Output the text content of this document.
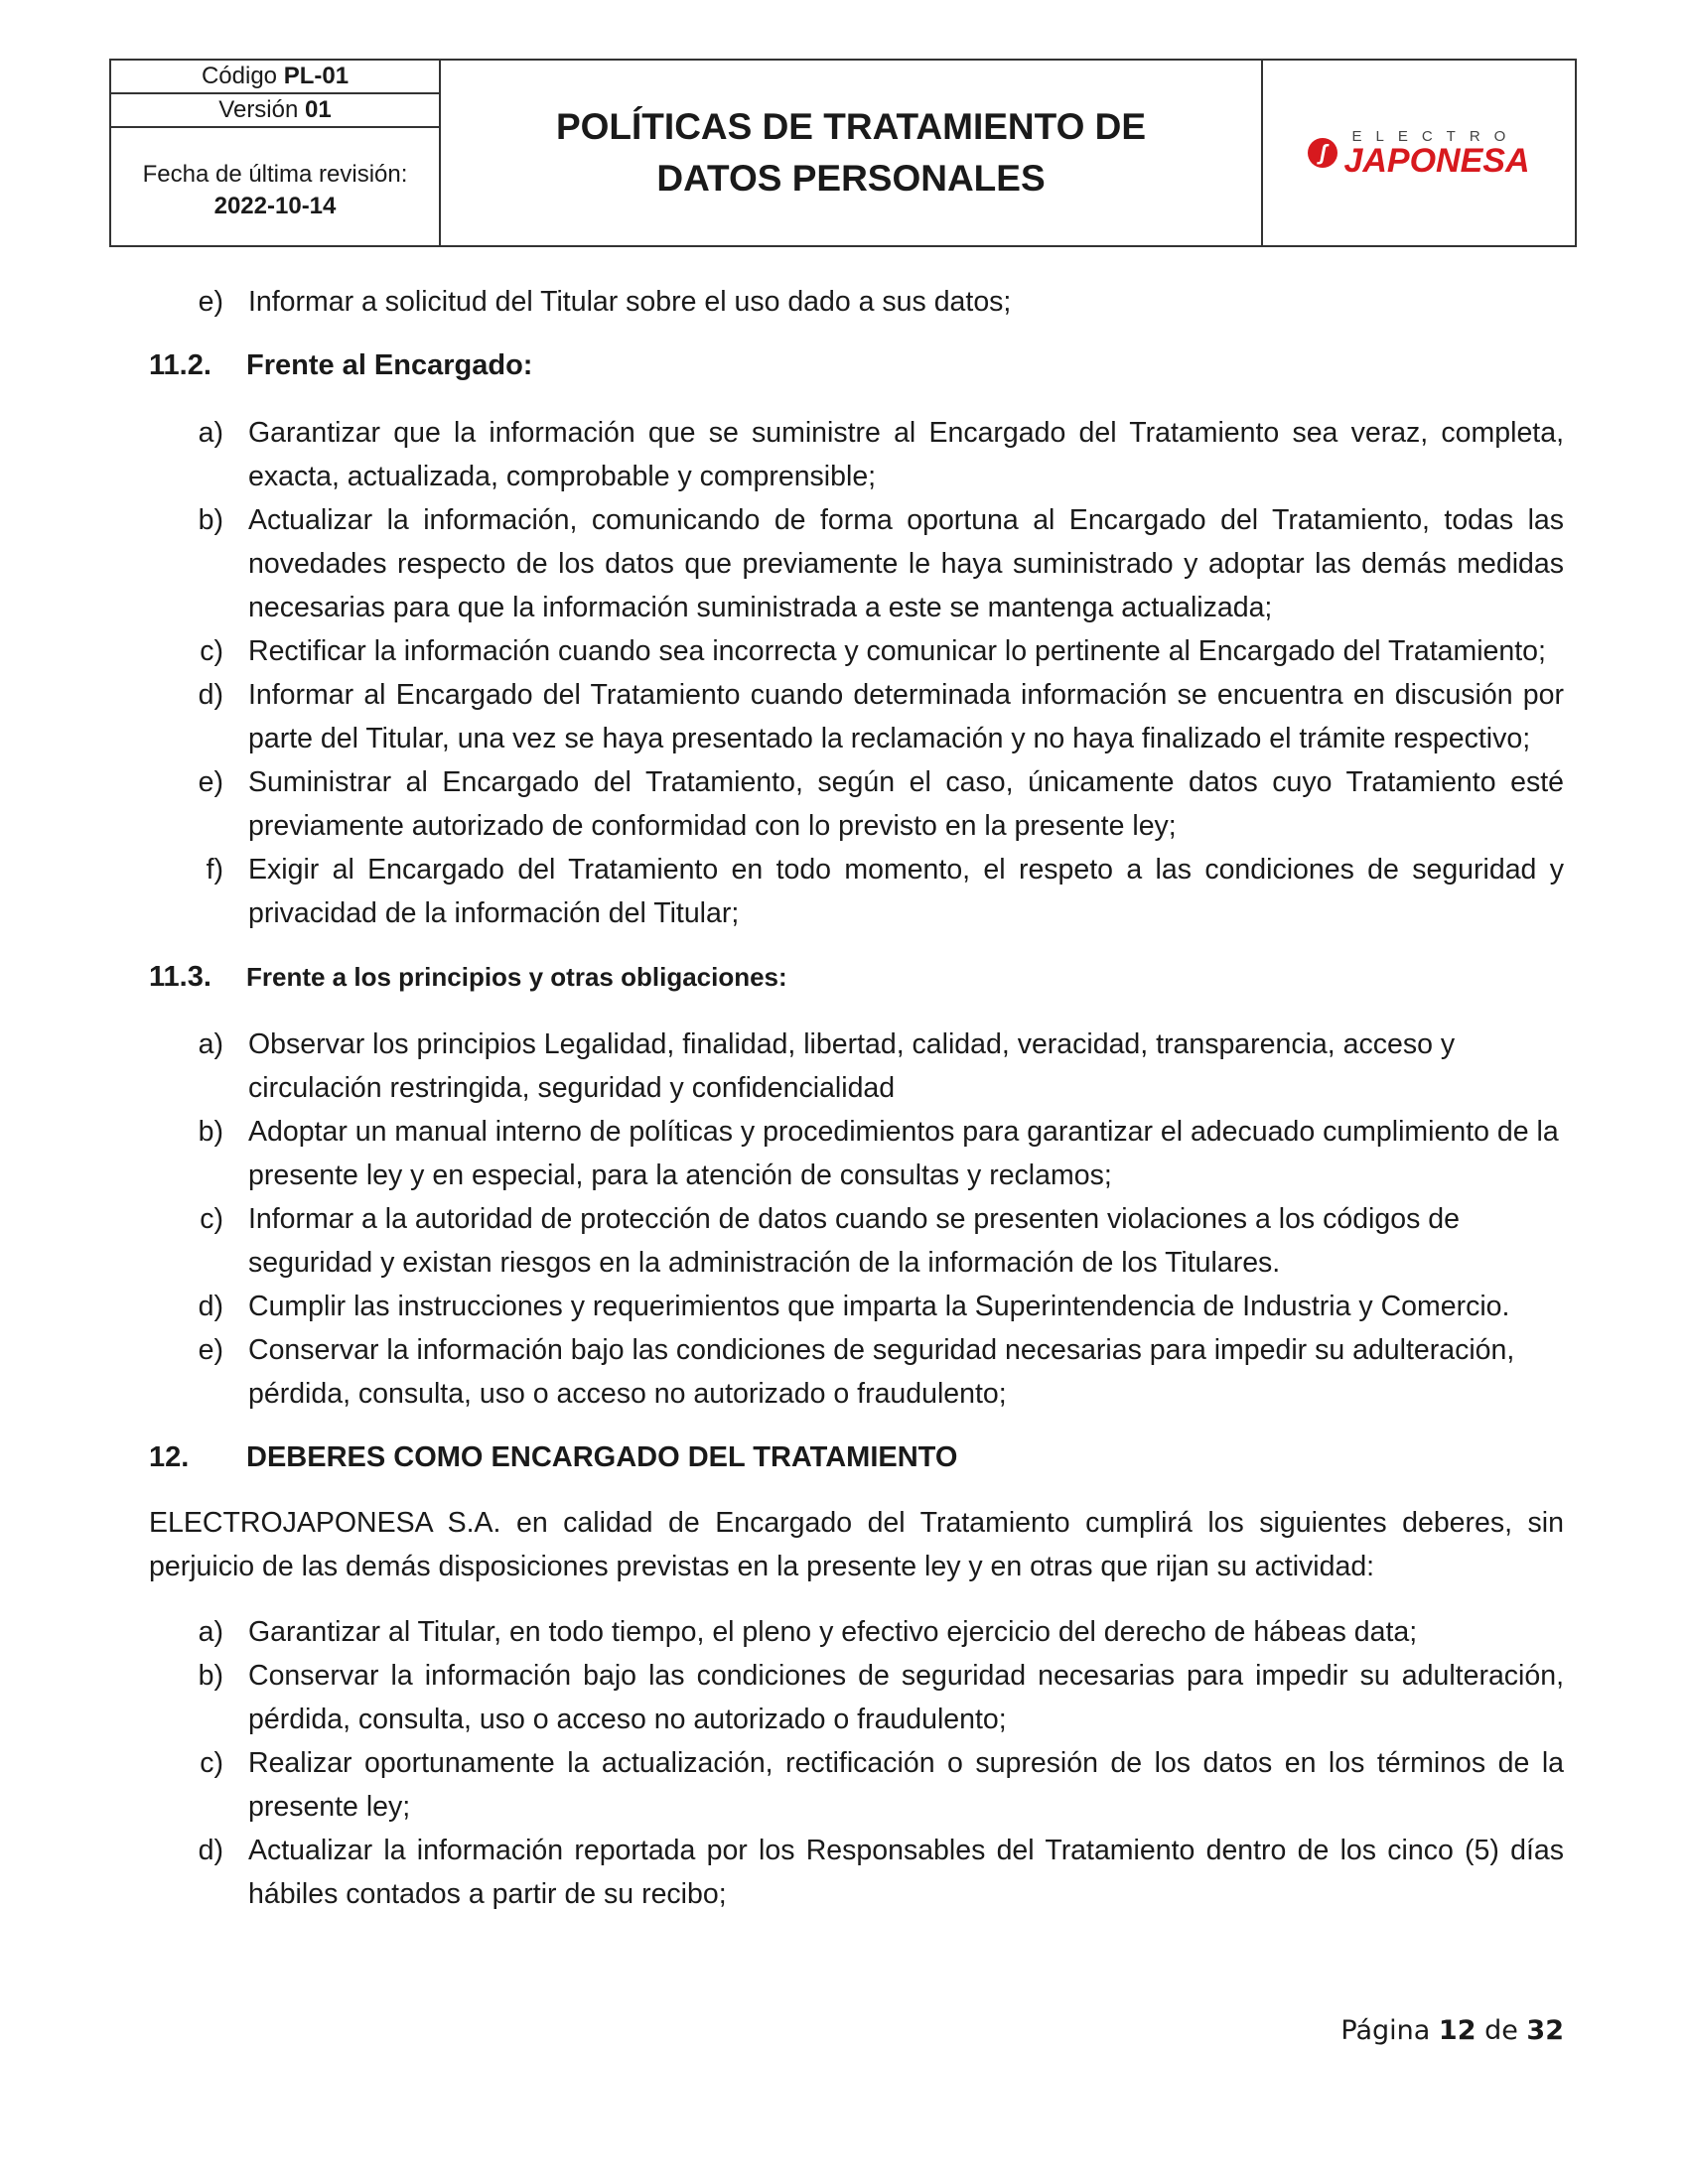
Código PL-01
Versión 01
Fecha de última revisión:
2022-10-14
POLÍTICAS DE TRATAMIENTO DE DATOS PERSONALES
ʃ
ELECTRO
JAPONESA
e) Informar a solicitud del Titular sobre el uso dado a sus datos;
11.2.	Frente al Encargado:
a) Garantizar que la información que se suministre al Encargado del Tratamiento sea veraz, completa, exacta, actualizada, comprobable y comprensible;
b) Actualizar la información, comunicando de forma oportuna al Encargado del Tratamiento, todas las novedades respecto de los datos que previamente le haya suministrado y adoptar las demás medidas necesarias para que la información suministrada a este se mantenga actualizada;
c) Rectificar la información cuando sea incorrecta y comunicar lo pertinente al Encargado del Tratamiento;
d) Informar al Encargado del Tratamiento cuando determinada información se encuentra en discusión por parte del Titular, una vez se haya presentado la reclamación y no haya finalizado el trámite respectivo;
e) Suministrar al Encargado del Tratamiento, según el caso, únicamente datos cuyo Tratamiento esté previamente autorizado de conformidad con lo previsto en la presente ley;
f) Exigir al Encargado del Tratamiento en todo momento, el respeto a las condiciones de seguridad y privacidad de la información del Titular;
11.3.	Frente a los principios y otras obligaciones:
a) Observar los principios Legalidad, finalidad, libertad, calidad, veracidad, transparencia, acceso y circulación restringida, seguridad y confidencialidad
b) Adoptar un manual interno de políticas y procedimientos para garantizar el adecuado cumplimiento de la presente ley y en especial, para la atención de consultas y reclamos;
c) Informar a la autoridad de protección de datos cuando se presenten violaciones a los códigos de seguridad y existan riesgos en la administración de la información de los Titulares.
d) Cumplir las instrucciones y requerimientos que imparta la Superintendencia de Industria y Comercio.
e) Conservar la información bajo las condiciones de seguridad necesarias para impedir su adulteración, pérdida, consulta, uso o acceso no autorizado o fraudulento;
12.	DEBERES COMO ENCARGADO DEL TRATAMIENTO
ELECTROJAPONESA S.A. en calidad de Encargado del Tratamiento cumplirá los siguientes deberes, sin perjuicio de las demás disposiciones previstas en la presente ley y en otras que rijan su actividad:
a) Garantizar al Titular, en todo tiempo, el pleno y efectivo ejercicio del derecho de hábeas data;
b) Conservar la información bajo las condiciones de seguridad necesarias para impedir su adulteración, pérdida, consulta, uso o acceso no autorizado o fraudulento;
c) Realizar oportunamente la actualización, rectificación o supresión de los datos en los términos de la presente ley;
d) Actualizar la información reportada por los Responsables del Tratamiento dentro de los cinco (5) días hábiles contados a partir de su recibo;
Página 12 de 32
